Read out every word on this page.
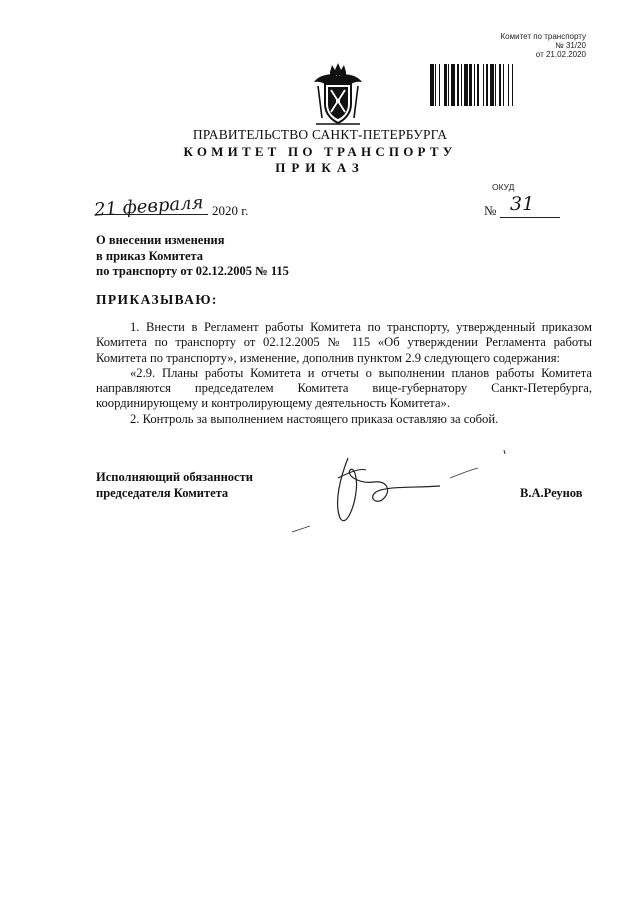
Комитет по транспорту
№ 31/20
от 21.02.2020
ПРАВИТЕЛЬСТВО САНКТ-ПЕТЕРБУРГА
КОМИТЕТ ПО ТРАНСПОРТУ
ПРИКАЗ
ОКУД
21 февраля 2020 г.	№ 31
О внесении изменения
в приказ Комитета
по транспорту от 02.12.2005 № 115
ПРИКАЗЫВАЮ:

1. Внести в Регламент работы Комитета по транспорту, утвержденный приказом Комитета по транспорту от 02.12.2005 № 115 «Об утверждении Регламента работы Комитета по транспорту», изменение, дополнив пунктом 2.9 следующего содержания:

«2.9. Планы работы Комитета и отчеты о выполнении планов работы Комитета направляются председателем Комитета вице-губернатору Санкт-Петербурга, координирующему и контролирующему деятельность Комитета».

2. Контроль за выполнением настоящего приказа оставляю за собой.

Исполняющий обязанности
председателя Комитета	В.А.Реунов
